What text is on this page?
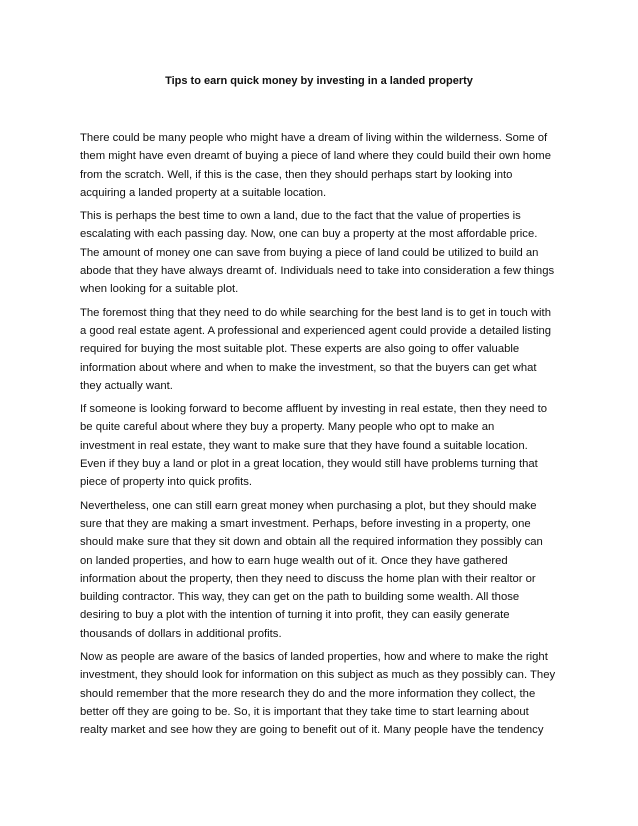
Tips to earn quick money by investing in a landed property
There could be many people who might have a dream of living within the wilderness. Some of
them might have even dreamt of buying a piece of land where they could build their own home
from the scratch. Well, if this is the case, then they should perhaps start by looking into
acquiring a landed property at a suitable location.
This is perhaps the best time to own a land, due to the fact that the value of properties is
escalating with each passing day. Now, one can buy a property at the most affordable price.
The amount of money one can save from buying a piece of land could be utilized to build an
abode that they have always dreamt of. Individuals need to take into consideration a few things
when looking for a suitable plot.
The foremost thing that they need to do while searching for the best land is to get in touch with
a good real estate agent. A professional and experienced agent could provide a detailed listing
required for buying the most suitable plot. These experts are also going to offer valuable
information about where and when to make the investment, so that the buyers can get what
they actually want.
If someone is looking forward to become affluent by investing in real estate, then they need to
be quite careful about where they buy a property. Many people who opt to make an
investment in real estate, they want to make sure that they have found a suitable location.
Even if they buy a land or plot in a great location, they would still have problems turning that
piece of property into quick profits.
Nevertheless, one can still earn great money when purchasing a plot, but they should make
sure that they are making a smart investment. Perhaps, before investing in a property, one
should make sure that they sit down and obtain all the required information they possibly can
on landed properties, and how to earn huge wealth out of it. Once they have gathered
information about the property, then they need to discuss the home plan with their realtor or
building contractor. This way, they can get on the path to building some wealth. All those
desiring to buy a plot with the intention of turning it into profit, they can easily generate
thousands of dollars in additional profits.
Now as people are aware of the basics of landed properties, how and where to make the right
investment, they should look for information on this subject as much as they possibly can. They
should remember that the more research they do and the more information they collect, the
better off they are going to be. So, it is important that they take time to start learning about
realty market and see how they are going to benefit out of it. Many people have the tendency
